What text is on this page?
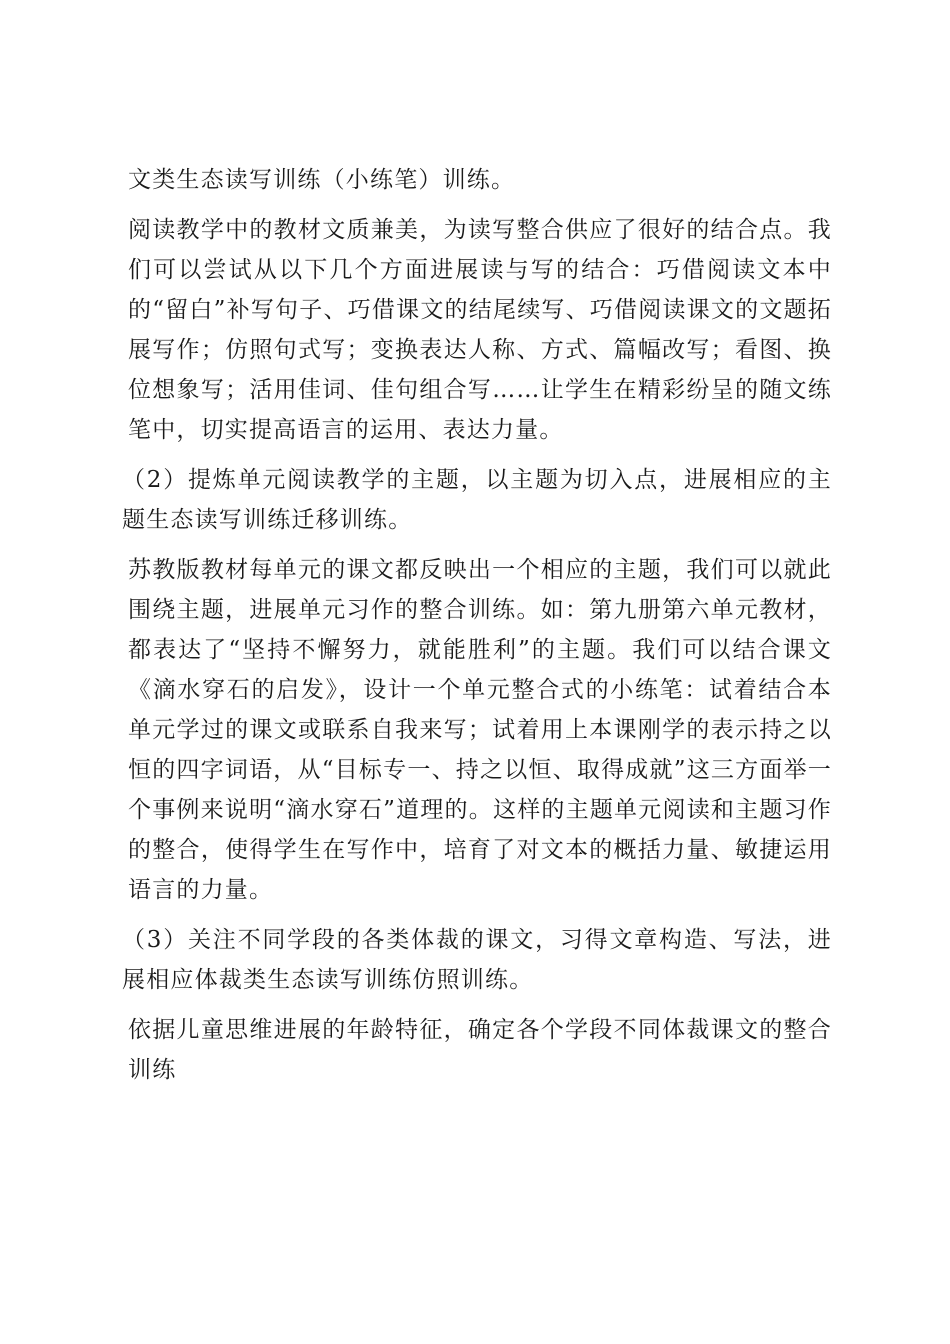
文类生态读写训练（小练笔）训练。

阅读教学中的教材文质兼美，为读写整合供应了很好的结合点。我们可以尝试从以下几个方面进展读与写的结合：巧借阅读文本中的“留白”补写句子、巧借课文的结尾续写、巧借阅读课文的文题拓展写作；仿照句式写；变换表达人称、方式、篇幅改写；看图、换位想象写；活用佳词、佳句组合写……让学生在精彩纷呈的随文练笔中，切实提高语言的运用、表达力量。

（2）提炼单元阅读教学的主题，以主题为切入点，进展相应的主题生态读写训练迁移训练。

苏教版教材每单元的课文都反映出一个相应的主题，我们可以就此围绕主题，进展单元习作的整合训练。如：第九册第六单元教材，都表达了“坚持不懈努力，就能胜利”的主题。我们可以结合课文《滴水穿石的启发》，设计一个单元整合式的小练笔：试着结合本单元学过的课文或联系自我来写；试着用上本课刚学的表示持之以恒的四字词语，从“目标专一、持之以恒、取得成就”这三方面举一个事例来说明“滴水穿石”道理的。这样的主题单元阅读和主题习作的整合，使得学生在写作中，培育了对文本的概括力量、敏捷运用语言的力量。

（3）关注不同学段的各类体裁的课文，习得文章构造、写法，进展相应体裁类生态读写训练仿照训练。

依据儿童思维进展的年龄特征，确定各个学段不同体裁课文的整合训练
